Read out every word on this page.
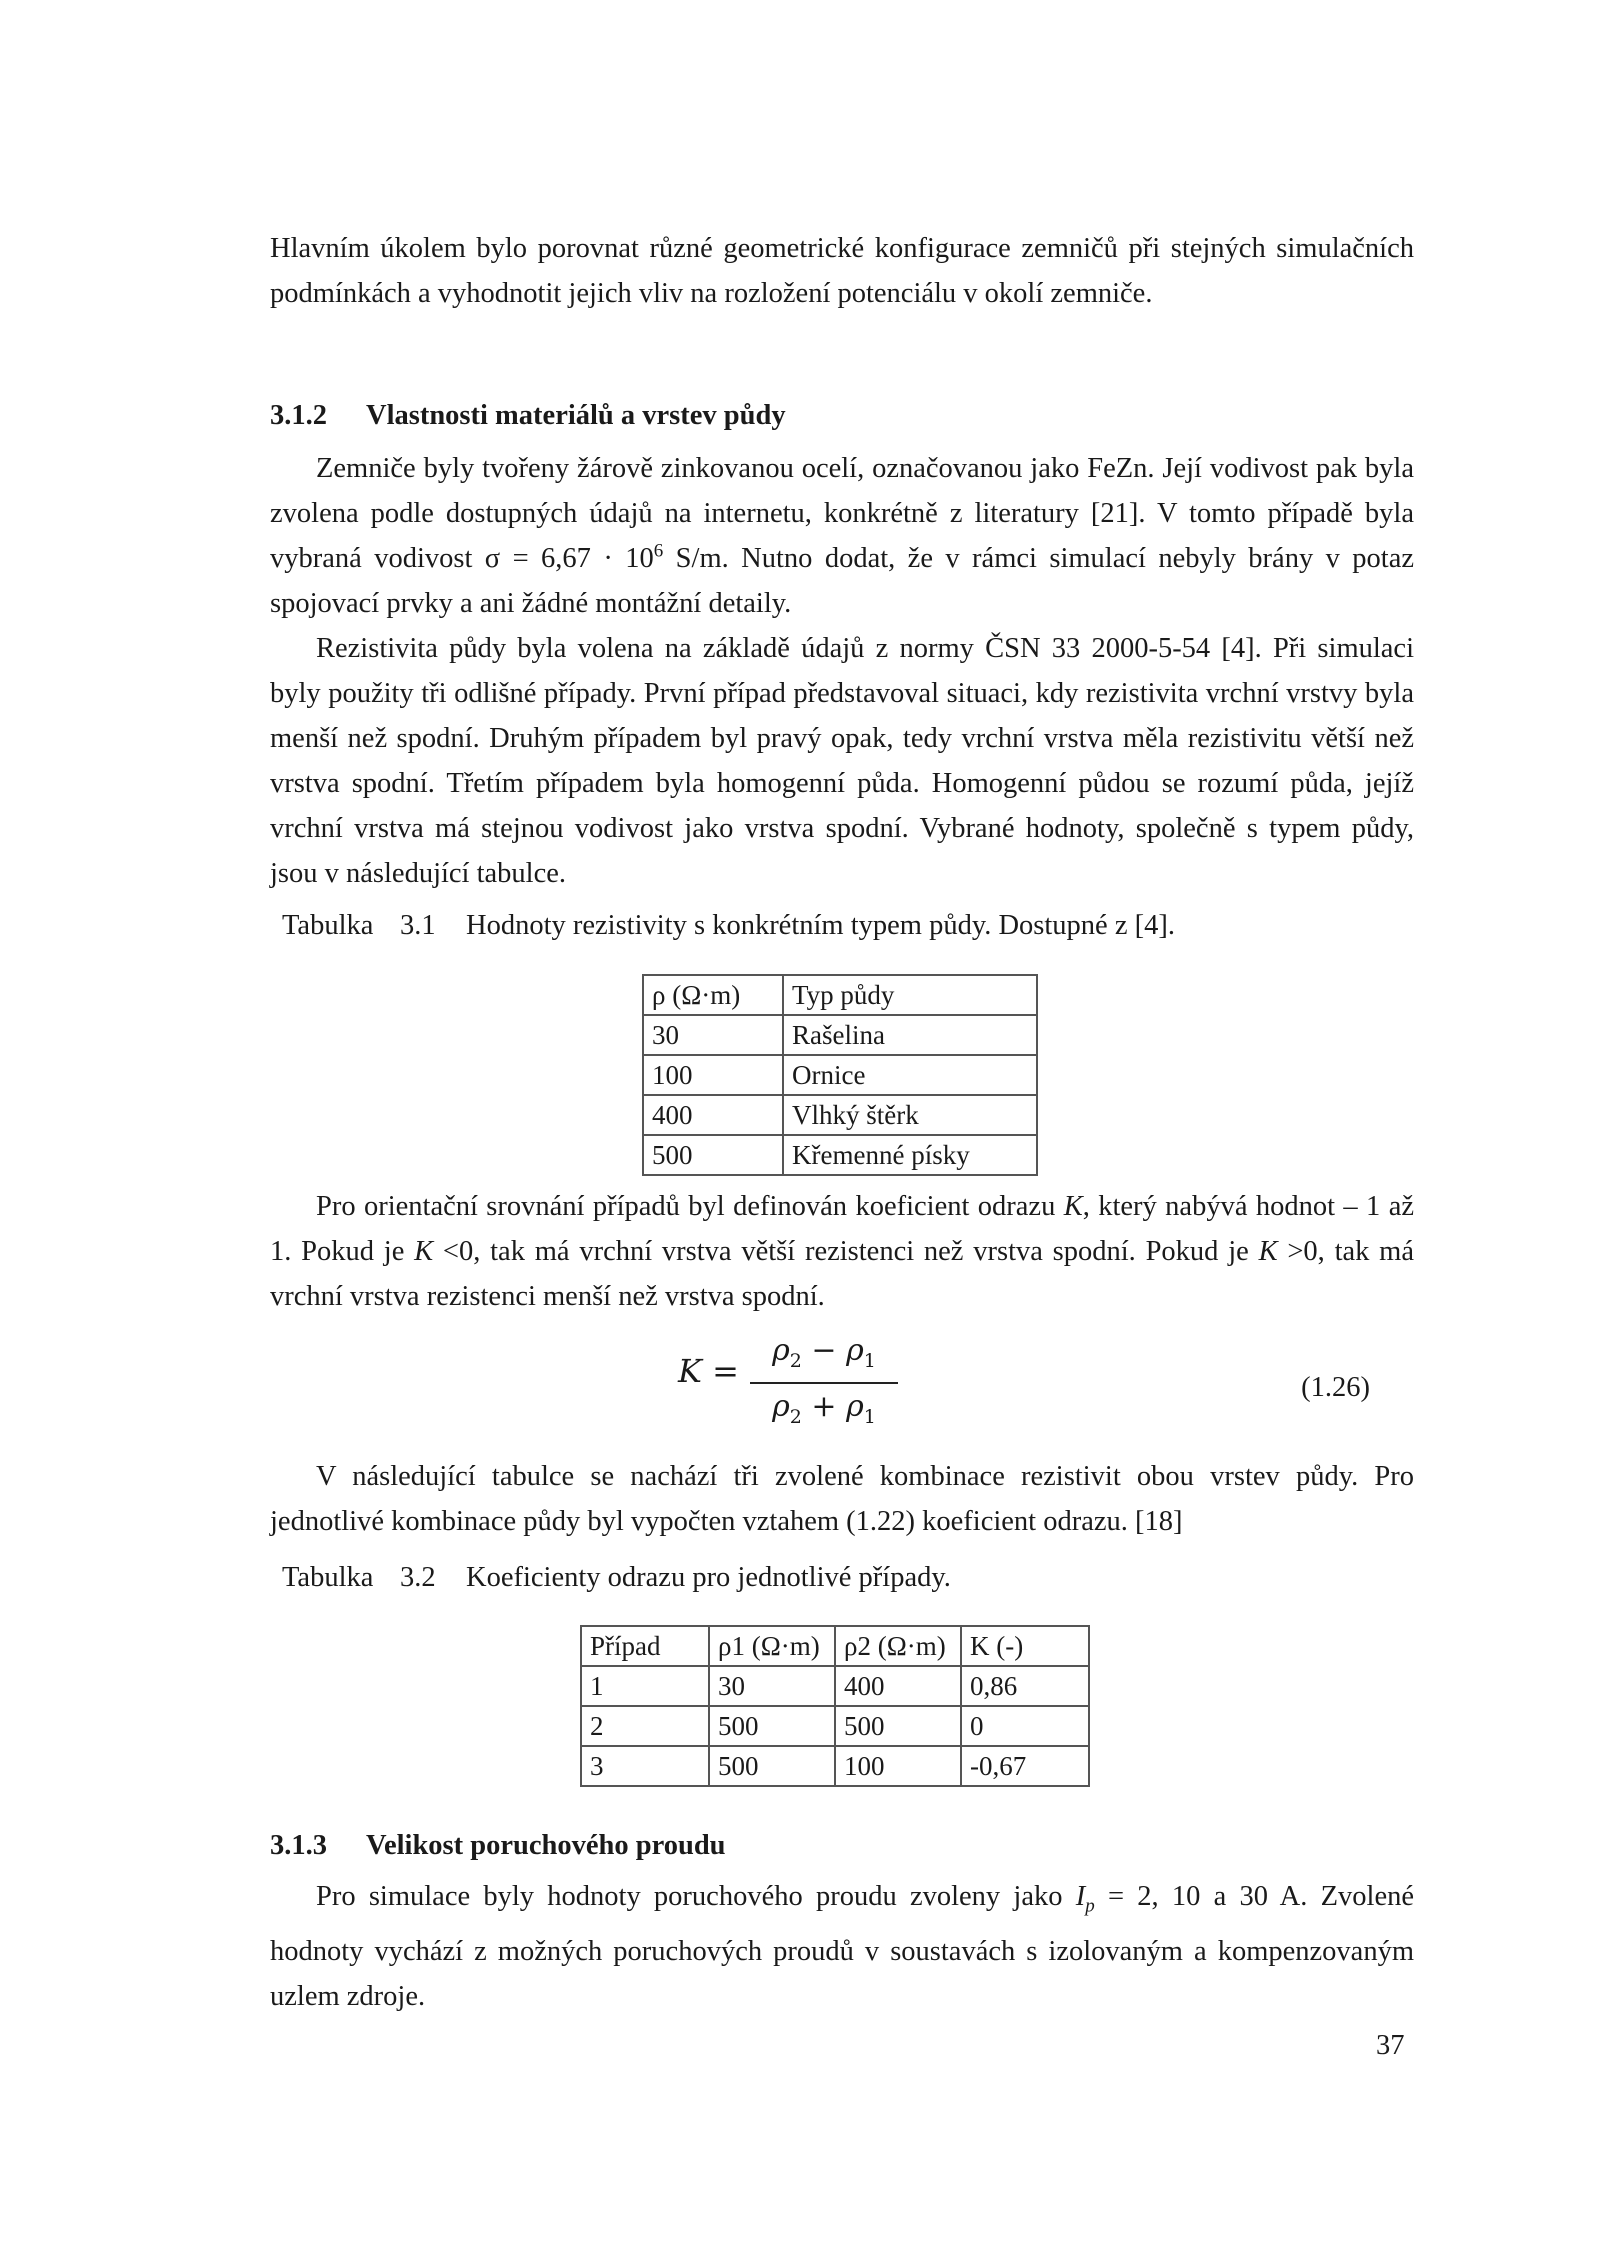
Hlavním úkolem bylo porovnat různé geometrické konfigurace zemničů při stejných simulačních podmínkách a vyhodnotit jejich vliv na rozložení potenciálu v okolí zemniče.

3.1.2 Vlastnosti materiálů a vrstev půdy

Zemniče byly tvořeny žárově zinkovanou ocelí, označovanou jako FeZn. Její vodivost pak byla zvolena podle dostupných údajů na internetu, konkrétně z literatury [21]. V tomto případě byla vybraná vodivost $\sigma = 6,67 \cdot 10^6$ S/m. Nutno dodat, že v rámci simulací nebyly brány v potaz spojovací prvky a ani žádné montážní detaily.

Rezistivita půdy byla volena na základě údajů z normy ČSN 33 2000-5-54 [4]. Při simulaci byly použity tři odlišné případy. První případ představoval situaci, kdy rezistivita vrchní vrstvy byla menší než spodní. Druhým případem byl pravý opak, tedy vrchní vrstva měla rezistivitu větší než vrstva spodní. Třetím případem byla homogenní půda. Homogenní půdou se rozumí půda, jejíž vrchní vrstva má stejnou vodivost jako vrstva spodní. Vybrané hodnoty, společně s typem půdy, jsou v následující tabulce.

Tabulka 3.1 Hodnoty rezistivity s konkrétním typem půdy. Dostupné z [4].

ρ (Ω·m)	Typ půdy
30	Rašelina
100	Ornice
400	Vlhký štěrk
500	Křemenné písky

Pro orientační srovnání případů byl definován koeficient odrazu K, který nabývá hodnot – 1 až 1. Pokud je K <0, tak má vrchní vrstva větší rezistenci než vrstva spodní. Pokud je K >0, tak má vrchní vrstva rezistenci menší než vrstva spodní.

$K = \frac{\rho_2 - \rho_1}{\rho_2 + \rho_1}$	(1.26)

V následující tabulce se nachází tři zvolené kombinace rezistivit obou vrstev půdy. Pro jednotlivé kombinace půdy byl vypočten vztahem (1.22) koeficient odrazu. [18]

Tabulka 3.2 Koeficienty odrazu pro jednotlivé případy.

Případ	ρ1 (Ω·m)	ρ2 (Ω·m)	K (-)
1	30	400	0,86
2	500	500	0
3	500	100	-0,67
3.1.3 Velikost poruchového proudu

Pro simulace byly hodnoty poruchového proudu zvoleny jako $I_p = 2$, 10 a 30 A. Zvolené hodnoty vychází z možných poruchových proudů v soustavách s izolovaným a kompenzovaným uzlem zdroje.

37
